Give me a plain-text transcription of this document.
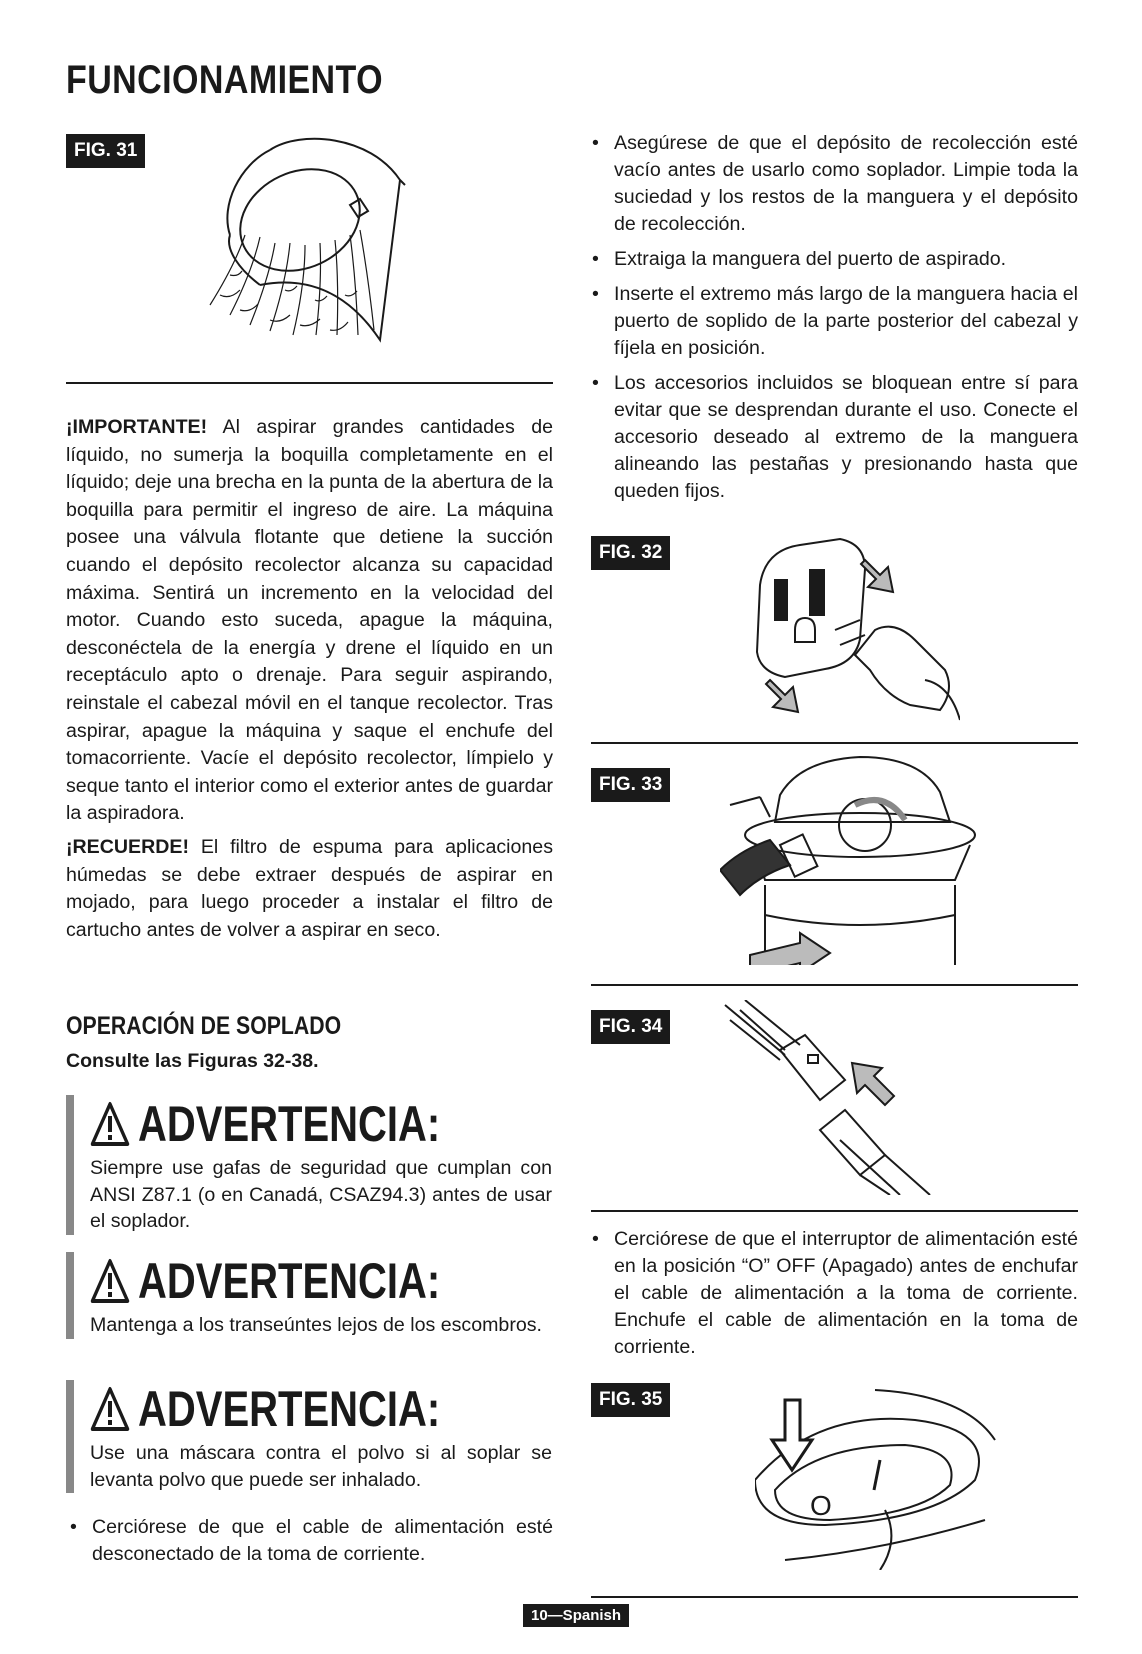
FUNCIONAMIENTO
FIG. 31

¡IMPORTANTE! Al aspirar grandes cantidades de líquido, no sumerja la boquilla completamente en el líquido; deje una brecha en la punta de la abertura de la boquilla para permitir el ingreso de aire. La máquina posee una válvula flotante que detiene la succión cuando el depósito recolector alcanza su capacidad máxima. Sentirá un incremento en la velocidad del motor. Cuando esto suceda, apague la máquina, desconéctela de la energía y drene el líquido en un receptáculo apto o drenaje. Para seguir aspirando, reinstale el cabezal móvil en el tanque recolector. Tras aspirar, apague la máquina y saque el enchufe del tomacorriente. Vacíe el depósito recolector, límpielo y seque tanto el interior como el exterior antes de guardar la aspiradora.

¡RECUERDE! El filtro de espuma para aplicaciones húmedas se debe extraer después de aspirar en mojado, para luego proceder a instalar el filtro de cartucho antes de volver a aspirar en seco.

OPERACIÓN DE SOPLADO
Consulte las Figuras 32-38.
ADVERTENCIA:
Siempre use gafas de seguridad que cumplan con ANSI Z87.1 (o en Canadá, CSAZ94.3) antes de usar el soplador.
ADVERTENCIA:
Mantenga a los transeúntes lejos de los escombros.
ADVERTENCIA:
Use una máscara contra el polvo si al soplar se levanta polvo que puede ser inhalado.
• Cerciórese de que el cable de alimentación esté desconectado de la toma de corriente.
• Asegúrese de que el depósito de recolección esté vacío antes de usarlo como soplador. Limpie toda la suciedad y los restos de la manguera y el depósito de recolección.
• Extraiga la manguera del puerto de aspirado.
• Inserte el extremo más largo de la manguera hacia el puerto de soplido de la parte posterior del cabezal y fíjela en posición.
• Los accesorios incluidos se bloquean entre sí para evitar que se desprendan durante el uso. Conecte el accesorio deseado al extremo de la manguera alineando las pestañas y presionando hasta que queden fijos.
FIG. 32
FIG. 33
FIG. 34
• Cerciórese de que el interruptor de alimentación esté en la posición “O” OFF (Apagado) antes de enchufar el cable de alimentación a la toma de corriente. Enchufe el cable de alimentación en la toma de corriente.
FIG. 35
O
10—Spanish
